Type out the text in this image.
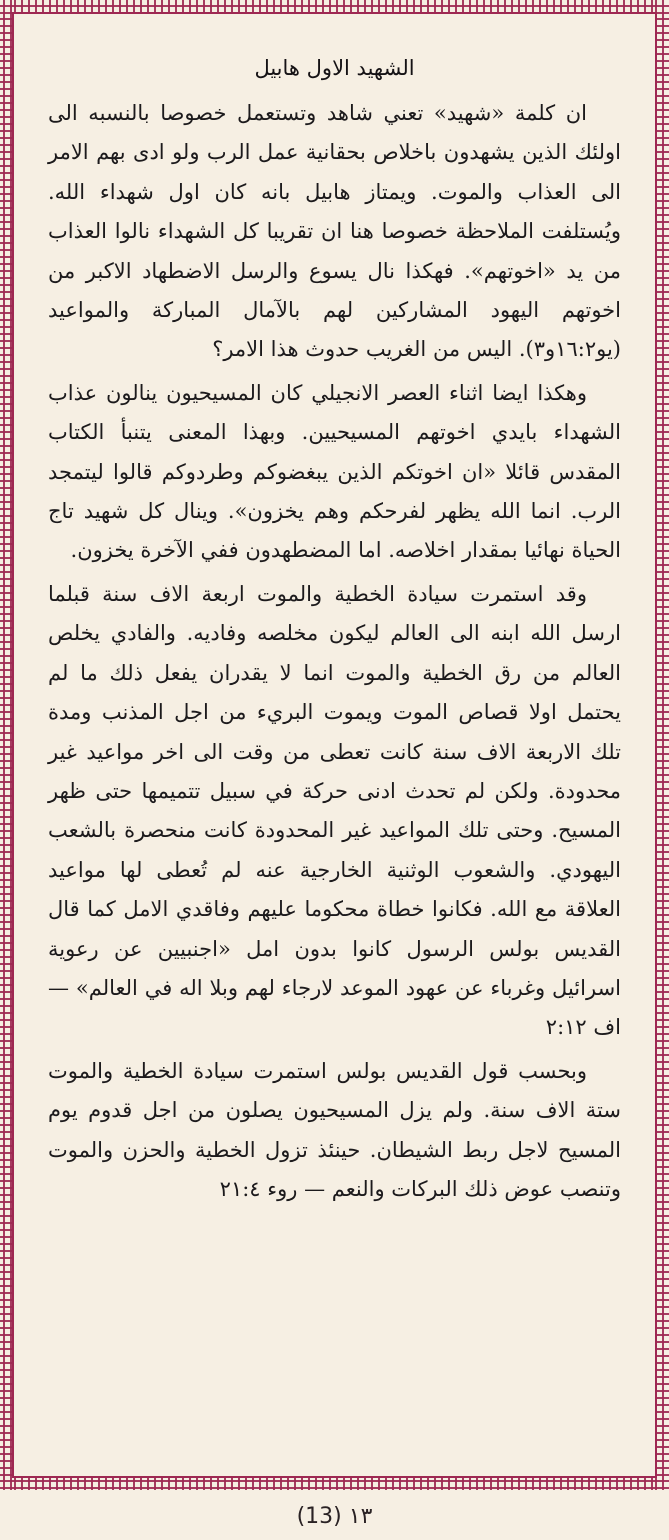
الشهيد الاول هابيل

ان كلمة «شهيد» تعني شاهد وتستعمل خصوصا بالنسبه الى اولئك الذين يشهدون باخلاص بحقانية عمل الرب ولو ادى بهم الامر الى العذاب والموت. ويمتاز هابيل بانه كان اول شهداء الله. ويُستلفت الملاحظة خصوصا هنا ان تقريبا كل الشهداء نالوا العذاب من يد «اخوتهم». فهكذا نال يسوع والرسل الاضطهاد الاكبر من اخوتهم اليهود المشاركين لهم بالآمال المباركة والمواعيد (يو١٦:٢و٣). اليس من الغريب حدوث هذا الامر؟

وهكذا ايضا اثناء العصر الانجيلي كان المسيحيون ينالون عذاب الشهداء بايدي اخوتهم المسيحيين. وبهذا المعنى يتنبأ الكتاب المقدس قائلا «ان اخوتكم الذين يبغضوكم وطردوكم قالوا ليتمجد الرب. انما الله يظهر لفرحكم وهم يخزون». وينال كل شهيد تاج الحياة نهائيا بمقدار اخلاصه. اما المضطهدون ففي الآخرة يخزون.

وقد استمرت سيادة الخطية والموت اربعة الاف سنة قبلما ارسل الله ابنه الى العالم ليكون مخلصه وفاديه. والفادي يخلص العالم من رق الخطية والموت انما لا يقدران يفعل ذلك ما لم يحتمل اولا قصاص الموت ويموت البريء من اجل المذنب ومدة تلك الاربعة الاف سنة كانت تعطى من وقت الى اخر مواعيد غير محدودة. ولكن لم تحدث ادنى حركة في سبيل تتميمها حتى ظهر المسيح. وحتى تلك المواعيد غير المحدودة كانت منحصرة بالشعب اليهودي. والشعوب الوثنية الخارجية عنه لم تُعطى لها مواعيد العلاقة مع الله. فكانوا خطاة محكوما عليهم وفاقدي الامل كما قال القديس بولس الرسول كانوا بدون امل «اجنبيين عن رعوية اسرائيل وغرباء عن عهود الموعد لارجاء لهم وبلا اله في العالم» — اف ٢:١٢

وبحسب قول القديس بولس استمرت سيادة الخطية والموت ستة الاف سنة. ولم يزل المسيحيون يصلون من اجل قدوم يوم المسيح لاجل ربط الشيطان. حينئذ تزول الخطية والحزن والموت وتنصب عوض ذلك البركات والنعم — روء ٢١:٤

(13) ١٣
